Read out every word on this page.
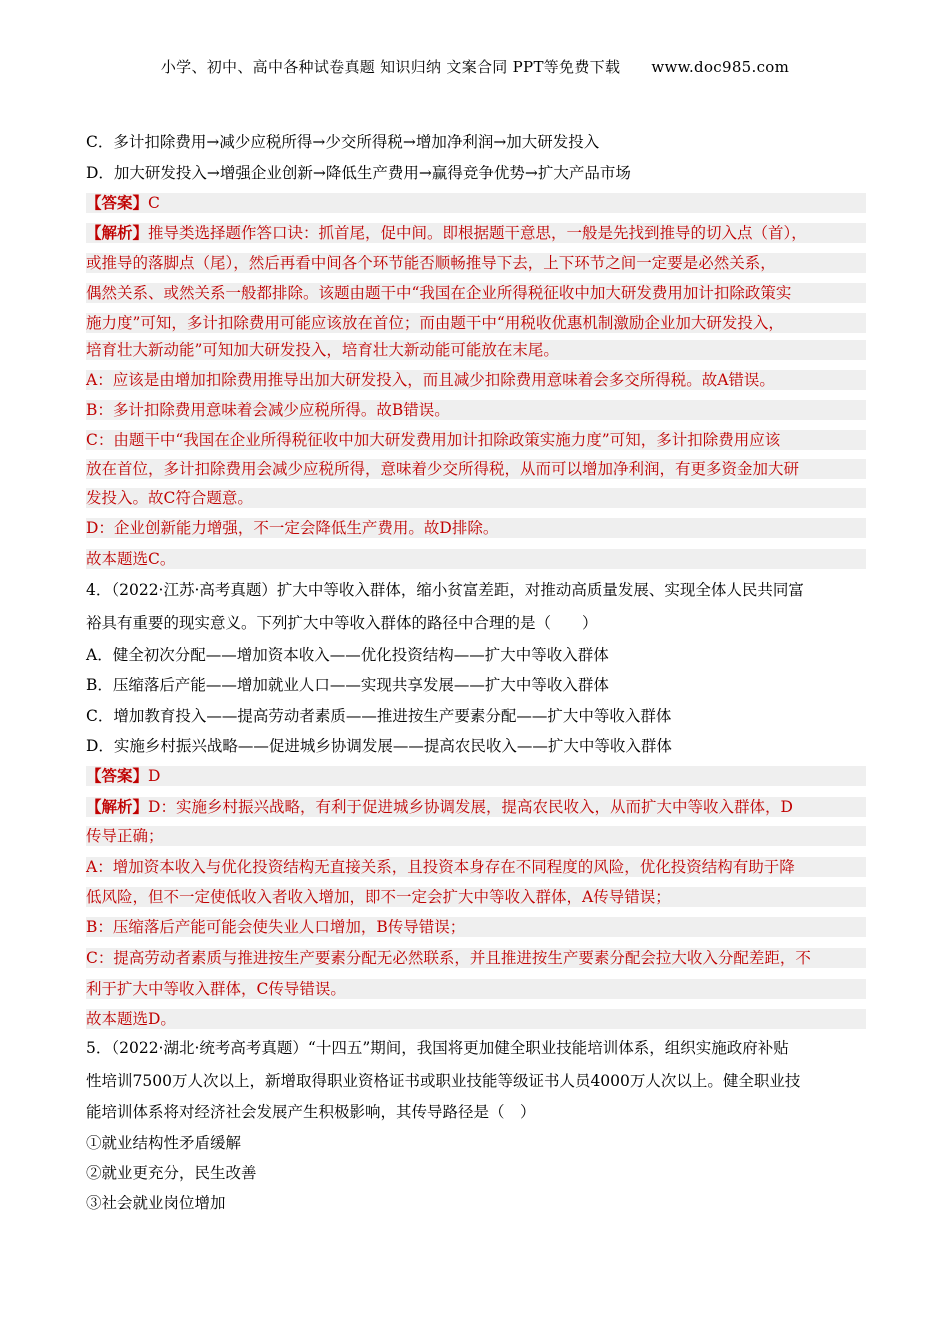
小学、初中、高中各种试卷真题 知识归纳 文案合同 PPT等免费下载 www.doc985.com
C．多计扣除费用→减少应税所得→少交所得税→增加净利润→加大研发投入
D．加大研发投入→增强企业创新→降低生产费用→赢得竞争优势→扩大产品市场
【答案】C
【解析】推导类选择题作答口诀：抓首尾，促中间。即根据题干意思，一般是先找到推导的切入点（首），
或推导的落脚点（尾），然后再看中间各个环节能否顺畅推导下去，上下环节之间一定要是必然关系，
偶然关系、或然关系一般都排除。该题由题干中“我国在企业所得税征收中加大研发费用加计扣除政策实
施力度”可知，多计扣除费用可能应该放在首位；而由题干中“用税收优惠机制激励企业加大研发投入，
培育壮大新动能”可知加大研发投入，培育壮大新动能可能放在末尾。
A：应该是由增加扣除费用推导出加大研发投入，而且减少扣除费用意味着会多交所得税。故A错误。
B：多计扣除费用意味着会减少应税所得。故B错误。
C：由题干中“我国在企业所得税征收中加大研发费用加计扣除政策实施力度”可知，多计扣除费用应该
放在首位，多计扣除费用会减少应税所得，意味着少交所得税，从而可以增加净利润，有更多资金加大研
发投入。故C符合题意。
D：企业创新能力增强，不一定会降低生产费用。故D排除。
故本题选C。
4．（2022·江苏·高考真题）扩大中等收入群体，缩小贫富差距，对推动高质量发展、实现全体人民共同富
裕具有重要的现实意义。下列扩大中等收入群体的路径中合理的是（　　）
A．健全初次分配——增加资本收入——优化投资结构——扩大中等收入群体
B．压缩落后产能——增加就业人口——实现共享发展——扩大中等收入群体
C．增加教育投入——提高劳动者素质——推进按生产要素分配——扩大中等收入群体
D．实施乡村振兴战略——促进城乡协调发展——提高农民收入——扩大中等收入群体
【答案】D
【解析】D：实施乡村振兴战略，有利于促进城乡协调发展，提高农民收入，从而扩大中等收入群体，D
传导正确；
A：增加资本收入与优化投资结构无直接关系，且投资本身存在不同程度的风险，优化投资结构有助于降
低风险，但不一定使低收入者收入增加，即不一定会扩大中等收入群体，A传导错误；
B：压缩落后产能可能会使失业人口增加，B传导错误；
C：提高劳动者素质与推进按生产要素分配无必然联系，并且推进按生产要素分配会拉大收入分配差距，不
利于扩大中等收入群体，C传导错误。
故本题选D。
5．（2022·湖北·统考高考真题）“十四五”期间，我国将更加健全职业技能培训体系，组织实施政府补贴
性培训7500万人次以上，新增取得职业资格证书或职业技能等级证书人员4000万人次以上。健全职业技
能培训体系将对经济社会发展产生积极影响，其传导路径是（　）
①就业结构性矛盾缓解
②就业更充分，民生改善
③社会就业岗位增加
